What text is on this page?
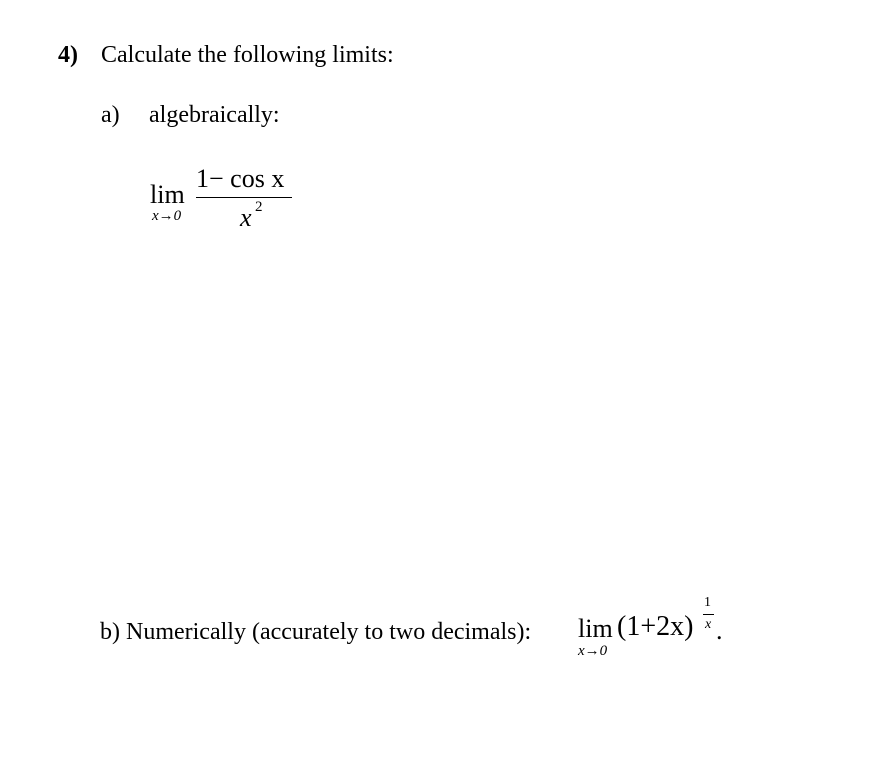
4) Calculate the following limits:
a) algebraically:
lim
x→0
1− cos x
x 2
b) Numerically (accurately to two decimals): lim
x→0
(1+2x)
1
x .
